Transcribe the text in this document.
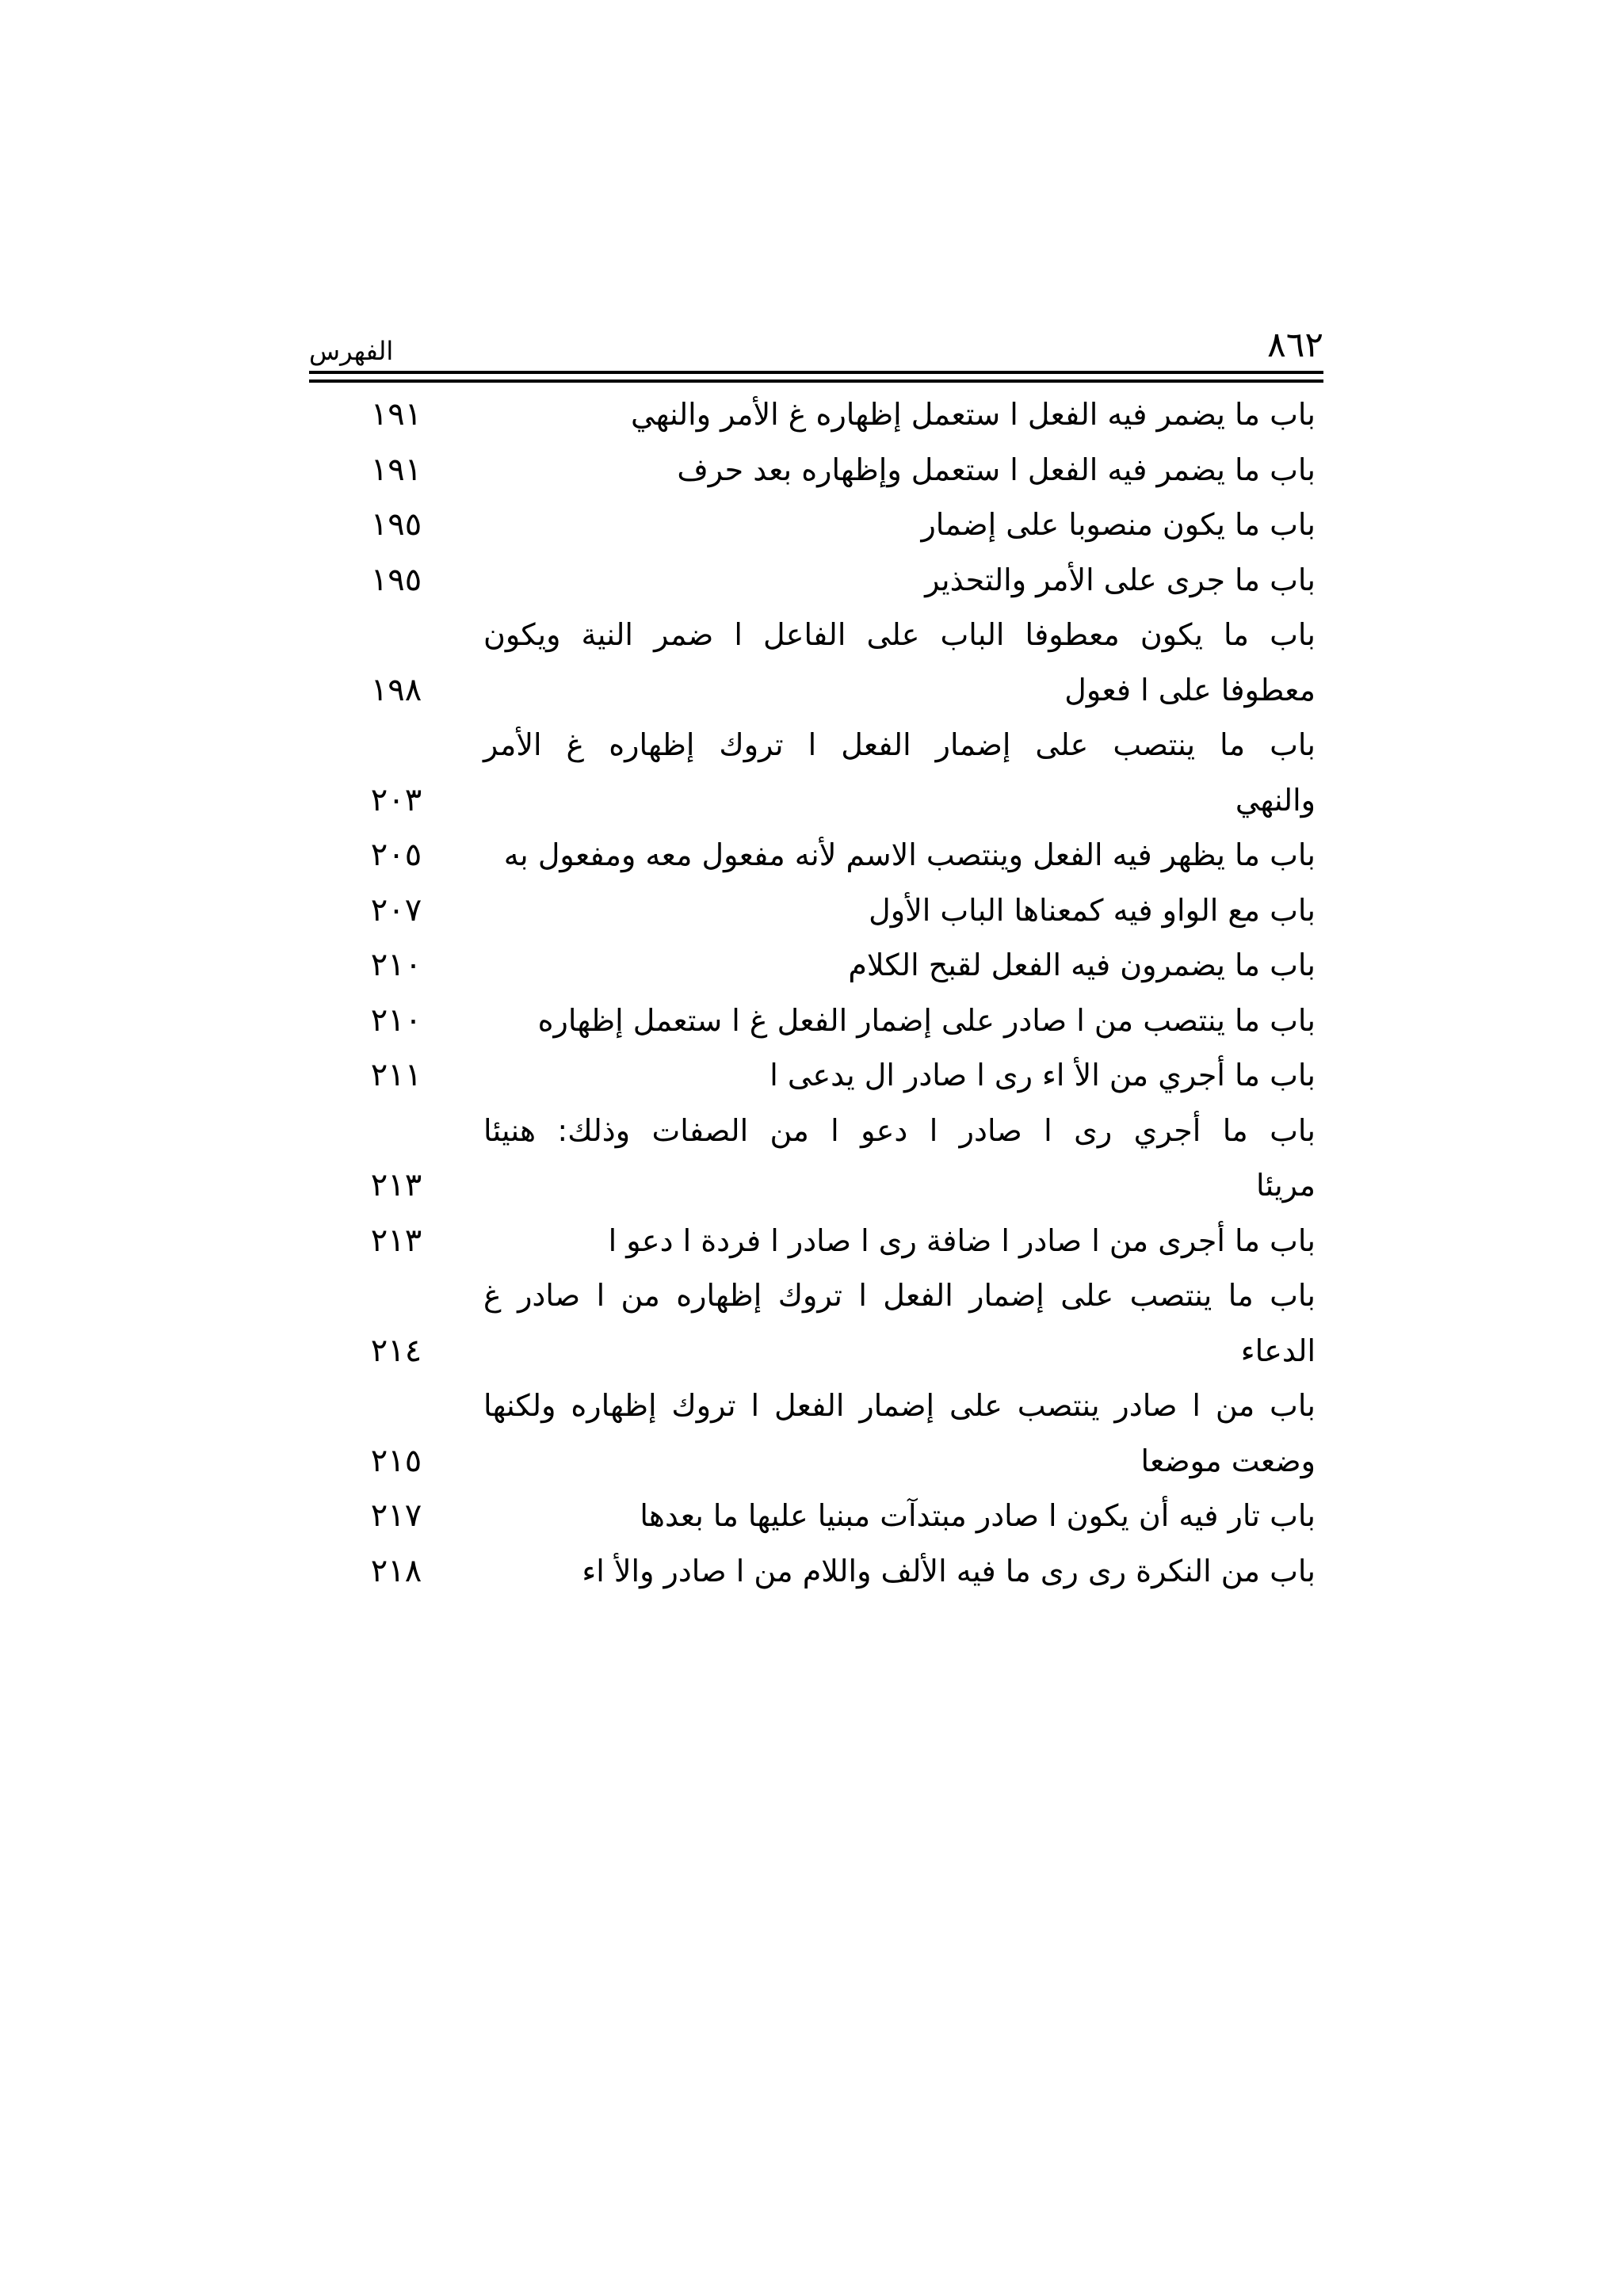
الفهرس	٨٦٢
باب ما يضمر فيه الفعل ا ستعمل إظهاره غ الأمر والنهي
١٩١
باب ما يضمر فيه الفعل ا ستعمل وإظهاره بعد حرف
١٩١
باب ما يكون منصوبا على إضمار
١٩٥
باب ما جرى على الأمر والتحذير
١٩٥
باب ما يكون معطوفا الباب على الفاعل ا ضمر النية ويكون
معطوفا على ا فعول
١٩٨
باب ما ينتصب على إضمار الفعل ا تروك إظهاره غ الأمر
والنهي
٢٠٣
باب ما يظهر فيه الفعل وينتصب الاسم لأنه مفعول معه ومفعول به
٢٠٥
باب مع الواو فيه كمعناها الباب الأول
٢٠٧
باب ما يضمرون فيه الفعل لقبح الكلام
٢١٠
باب ما ينتصب من ا صادر على إضمار الفعل غ ا ستعمل إظهاره
٢١٠
باب ما أجري من الأ اء رى ا صادر ال يدعى ا
٢١١
باب ما أجري رى ا صادر ا دعو ا من الصفات وذلك: هنيئا
مريئا
٢١٣
باب ما أجرى من ا صادر ا ضافة رى ا صادر ا فردة ا دعو ا
٢١٣
باب ما ينتصب على إضمار الفعل ا تروك إظهاره من ا صادر غ
الدعاء
٢١٤
باب من ا صادر ينتصب على إضمار الفعل ا تروك إظهاره ولكنها
وضعت موضعا
٢١٥
باب تار فيه أن يكون ا صادر مبتدآت مبنيا عليها ما بعدها
٢١٧
باب من النكرة رى رى ما فيه الألف واللام من ا صادر والأ اء
٢١٨
